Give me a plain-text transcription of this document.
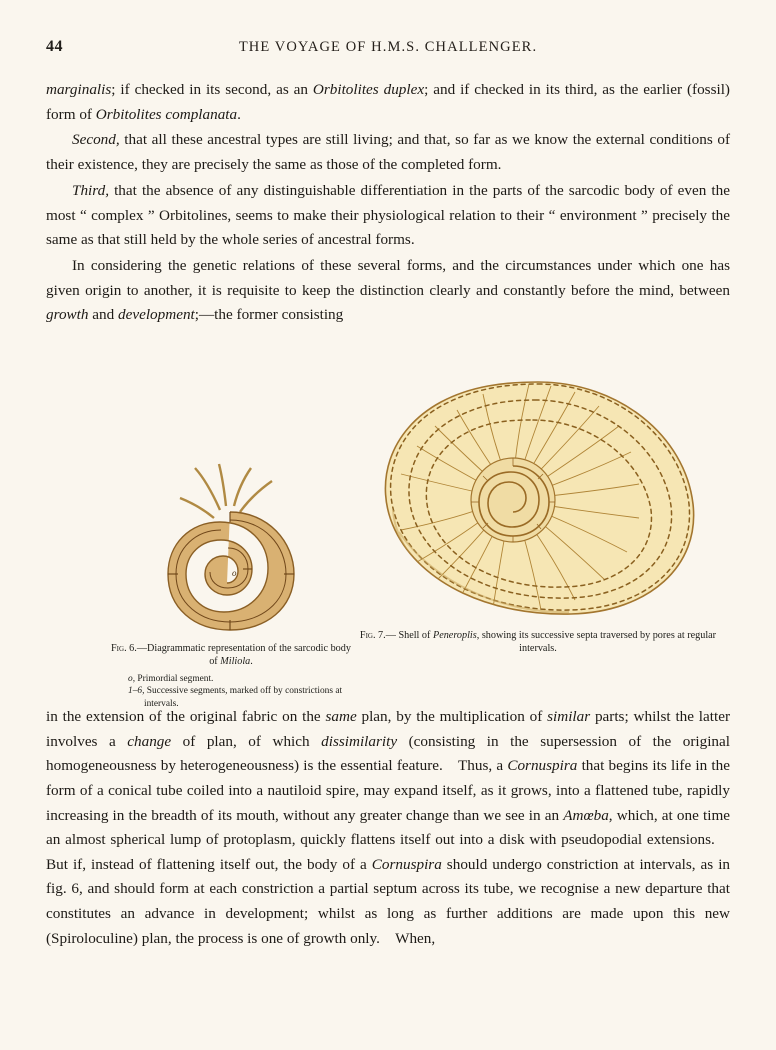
44	THE VOYAGE OF H.M.S. CHALLENGER.

marginalis; if checked in its second, as an Orbitolites duplex; and if checked in its third, as the earlier (fossil) form of Orbitolites complanata.

Second, that all these ancestral types are still living; and that, so far as we know the external conditions of their existence, they are precisely the same as those of the completed form.

Third, that the absence of any distinguishable differentiation in the parts of the sarcodic body of even the most “ complex ” Orbitolines, seems to make their physiological relation to their “ environment ” precisely the same as that still held by the whole series of ancestral forms.

In considering the genetic relations of these several forms, and the circumstances under which one has given origin to another, it is requisite to keep the distinction clearly and constantly before the mind, between growth and development;—the former consisting

o
Fig. 6.—Diagrammatic representation of the sarcodic body of Miliola.
o, Primordial segment.
1–6, Successive segments, marked off by constrictions at intervals.
Fig. 7.— Shell of Peneroplis, showing its successive septa traversed by pores at regular intervals.

in the extension of the original fabric on the same plan, by the multiplication of similar parts; whilst the latter involves a change of plan, of which dissimilarity (consisting in the supersession of the original homogeneousness by heterogeneousness) is the essential feature. Thus, a Cornuspira that begins its life in the form of a conical tube coiled into a nautiloid spire, may expand itself, as it grows, into a flattened tube, rapidly increasing in the breadth of its mouth, without any greater change than we see in an Amœba, which, at one time an almost spherical lump of protoplasm, quickly flattens itself out into a disk with pseudopodial extensions. But if, instead of flattening itself out, the body of a Cornuspira should undergo constriction at intervals, as in fig. 6, and should form at each constriction a partial septum across its tube, we recognise a new departure that constitutes an advance in development; whilst as long as further additions are made upon this new (Spiroloculine) plan, the process is one of growth only. When,
